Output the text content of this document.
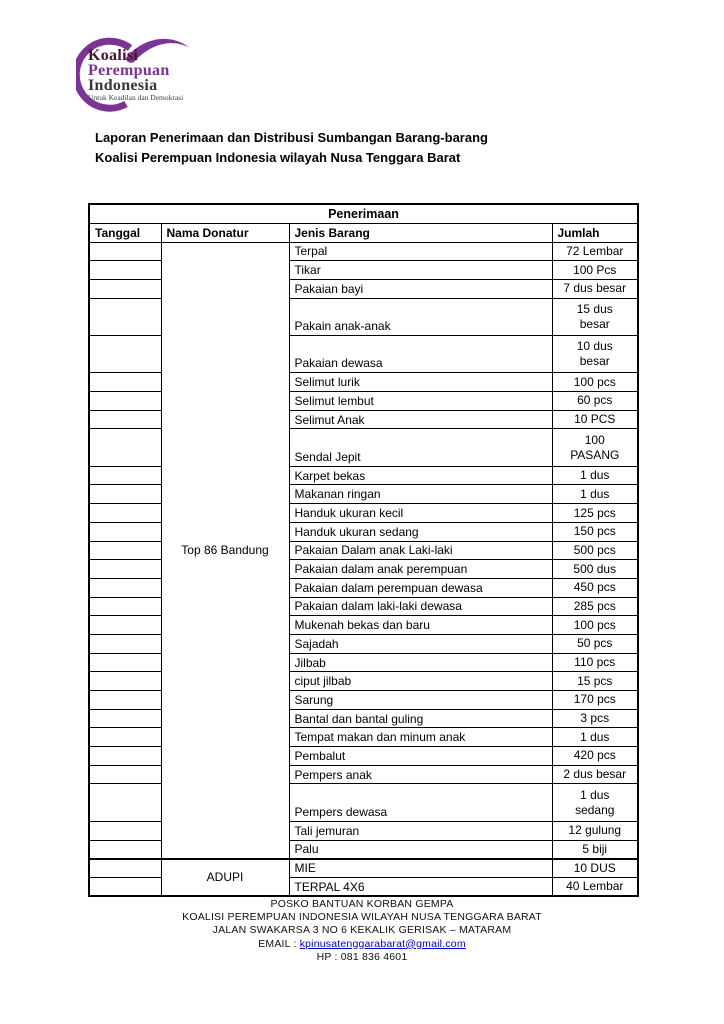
Koalisi
Perempuan
Indonesia
Untuk Keadilan dan Demokrasi
Laporan Penerimaan dan Distribusi Sumbangan Barang-barang
Koalisi Perempuan Indonesia wilayah Nusa Tenggara Barat
Penerimaan			
Tanggal	Nama Donatur	Jenis Barang	Jumlah
	Top 86 Bandung	Terpal	72 Lembar
		Tikar	100 Pcs
		Pakaian bayi	7 dus besar
		Pakain anak-anak	15 dus
besar
		Pakaian dewasa	10 dus
besar
		Selimut lurik	100 pcs
		Selimut lembut	60 pcs
		Selimut Anak	10 PCS
		Sendal Jepit	100
PASANG
		Karpet bekas	1 dus
		Makanan ringan	1 dus
		Handuk ukuran kecil	125 pcs
		Handuk ukuran sedang	150 pcs
		Pakaian Dalam anak Laki-laki	500 pcs
		Pakaian dalam anak perempuan	500 dus
		Pakaian dalam perempuan dewasa	450 pcs
		Pakaian dalam laki-laki dewasa	285 pcs
		Mukenah bekas dan baru	100 pcs
		Sajadah	50 pcs
		Jilbab	110 pcs
		ciput jilbab	15 pcs
		Sarung	170 pcs
		Bantal dan bantal guling	3 pcs
		Tempat makan dan minum anak	1 dus
		Pembalut	420 pcs
		Pempers anak	2 dus besar
		Pempers dewasa	1 dus
sedang
		Tali jemuran	12 gulung
		Palu	5 biji
	ADUPI	MIE	10 DUS
		TERPAL 4X6	40 Lembar
POSKO BANTUAN KORBAN GEMPA
KOALISI PEREMPUAN INDONESIA WILAYAH NUSA TENGGARA BARAT
JALAN SWAKARSA 3 NO 6 KEKALIK GERISAK – MATARAM
EMAIL : kpinusatenggarabarat@gmail.com
HP : 081 836 4601
